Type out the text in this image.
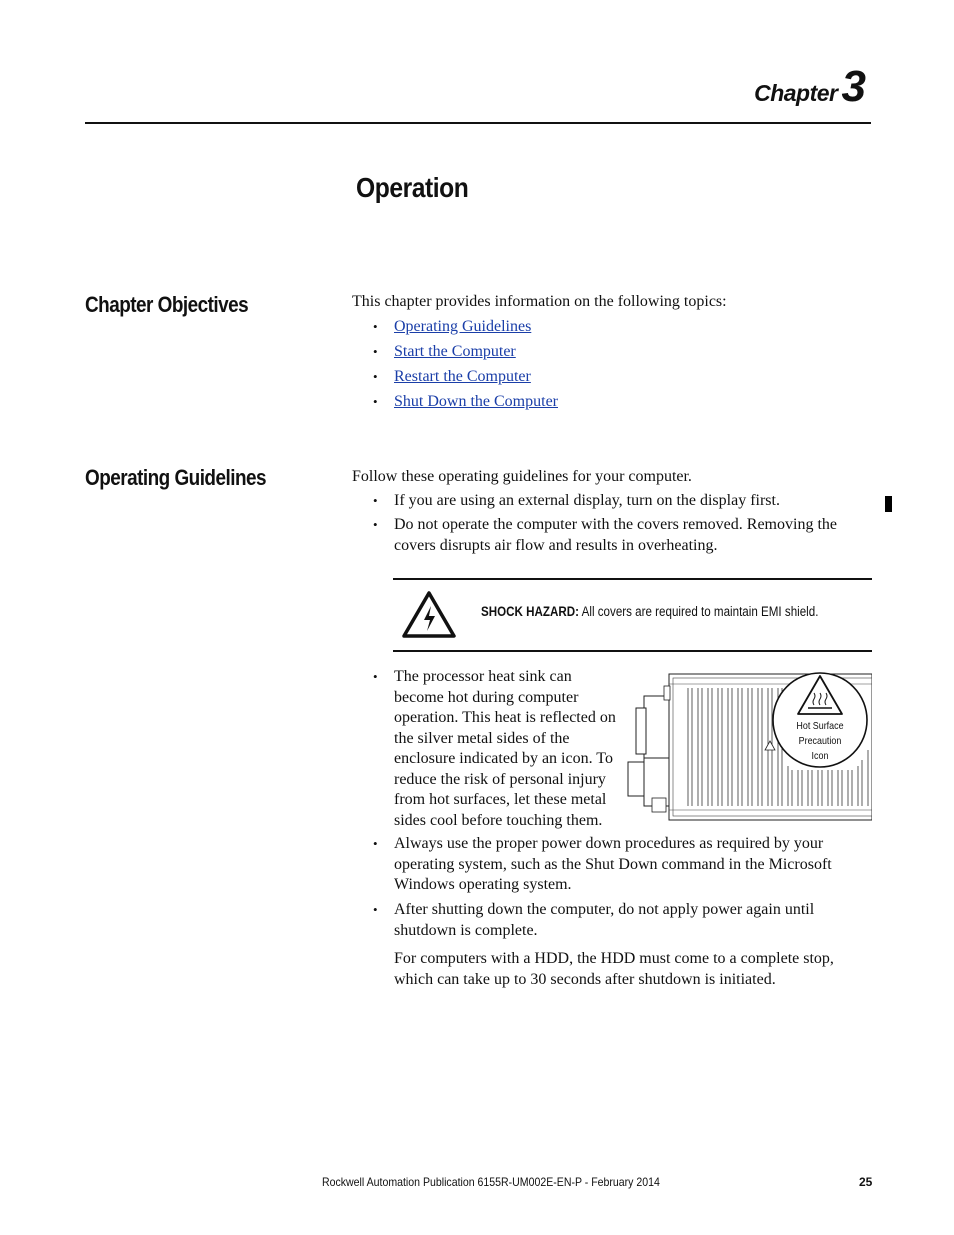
Chapter3
Operation
Chapter Objectives	This chapter provides information on the following topics:
• Operating Guidelines
• Start the Computer
• Restart the Computer
• Shut Down the Computer
Operating Guidelines	Follow these operating guidelines for your computer.
• If you are using an external display, turn on the display first.
• Do not operate the computer with the covers removed. Removing the covers disrupts air flow and results in overheating.
SHOCK HAZARD: All covers are required to maintain EMI shield.
• The processor heat sink can
become hot during computer
operation. This heat is reflected on
the silver metal sides of the
enclosure indicated by an icon. To
reduce the risk of personal injury
from hot surfaces, let these metal
sides cool before touching them.
Hot Surface
Precaution Icon
• Always use the proper power down procedures as required by your operating system, such as the Shut Down command in the Microsoft Windows operating system.
• After shutting down the computer, do not apply power again until shutdown is complete.
For computers with a HDD, the HDD must come to a complete stop, which can take up to 30 seconds after shutdown is initiated.
Rockwell Automation Publication 6155R-UM002E-EN-P - February 2014	25
